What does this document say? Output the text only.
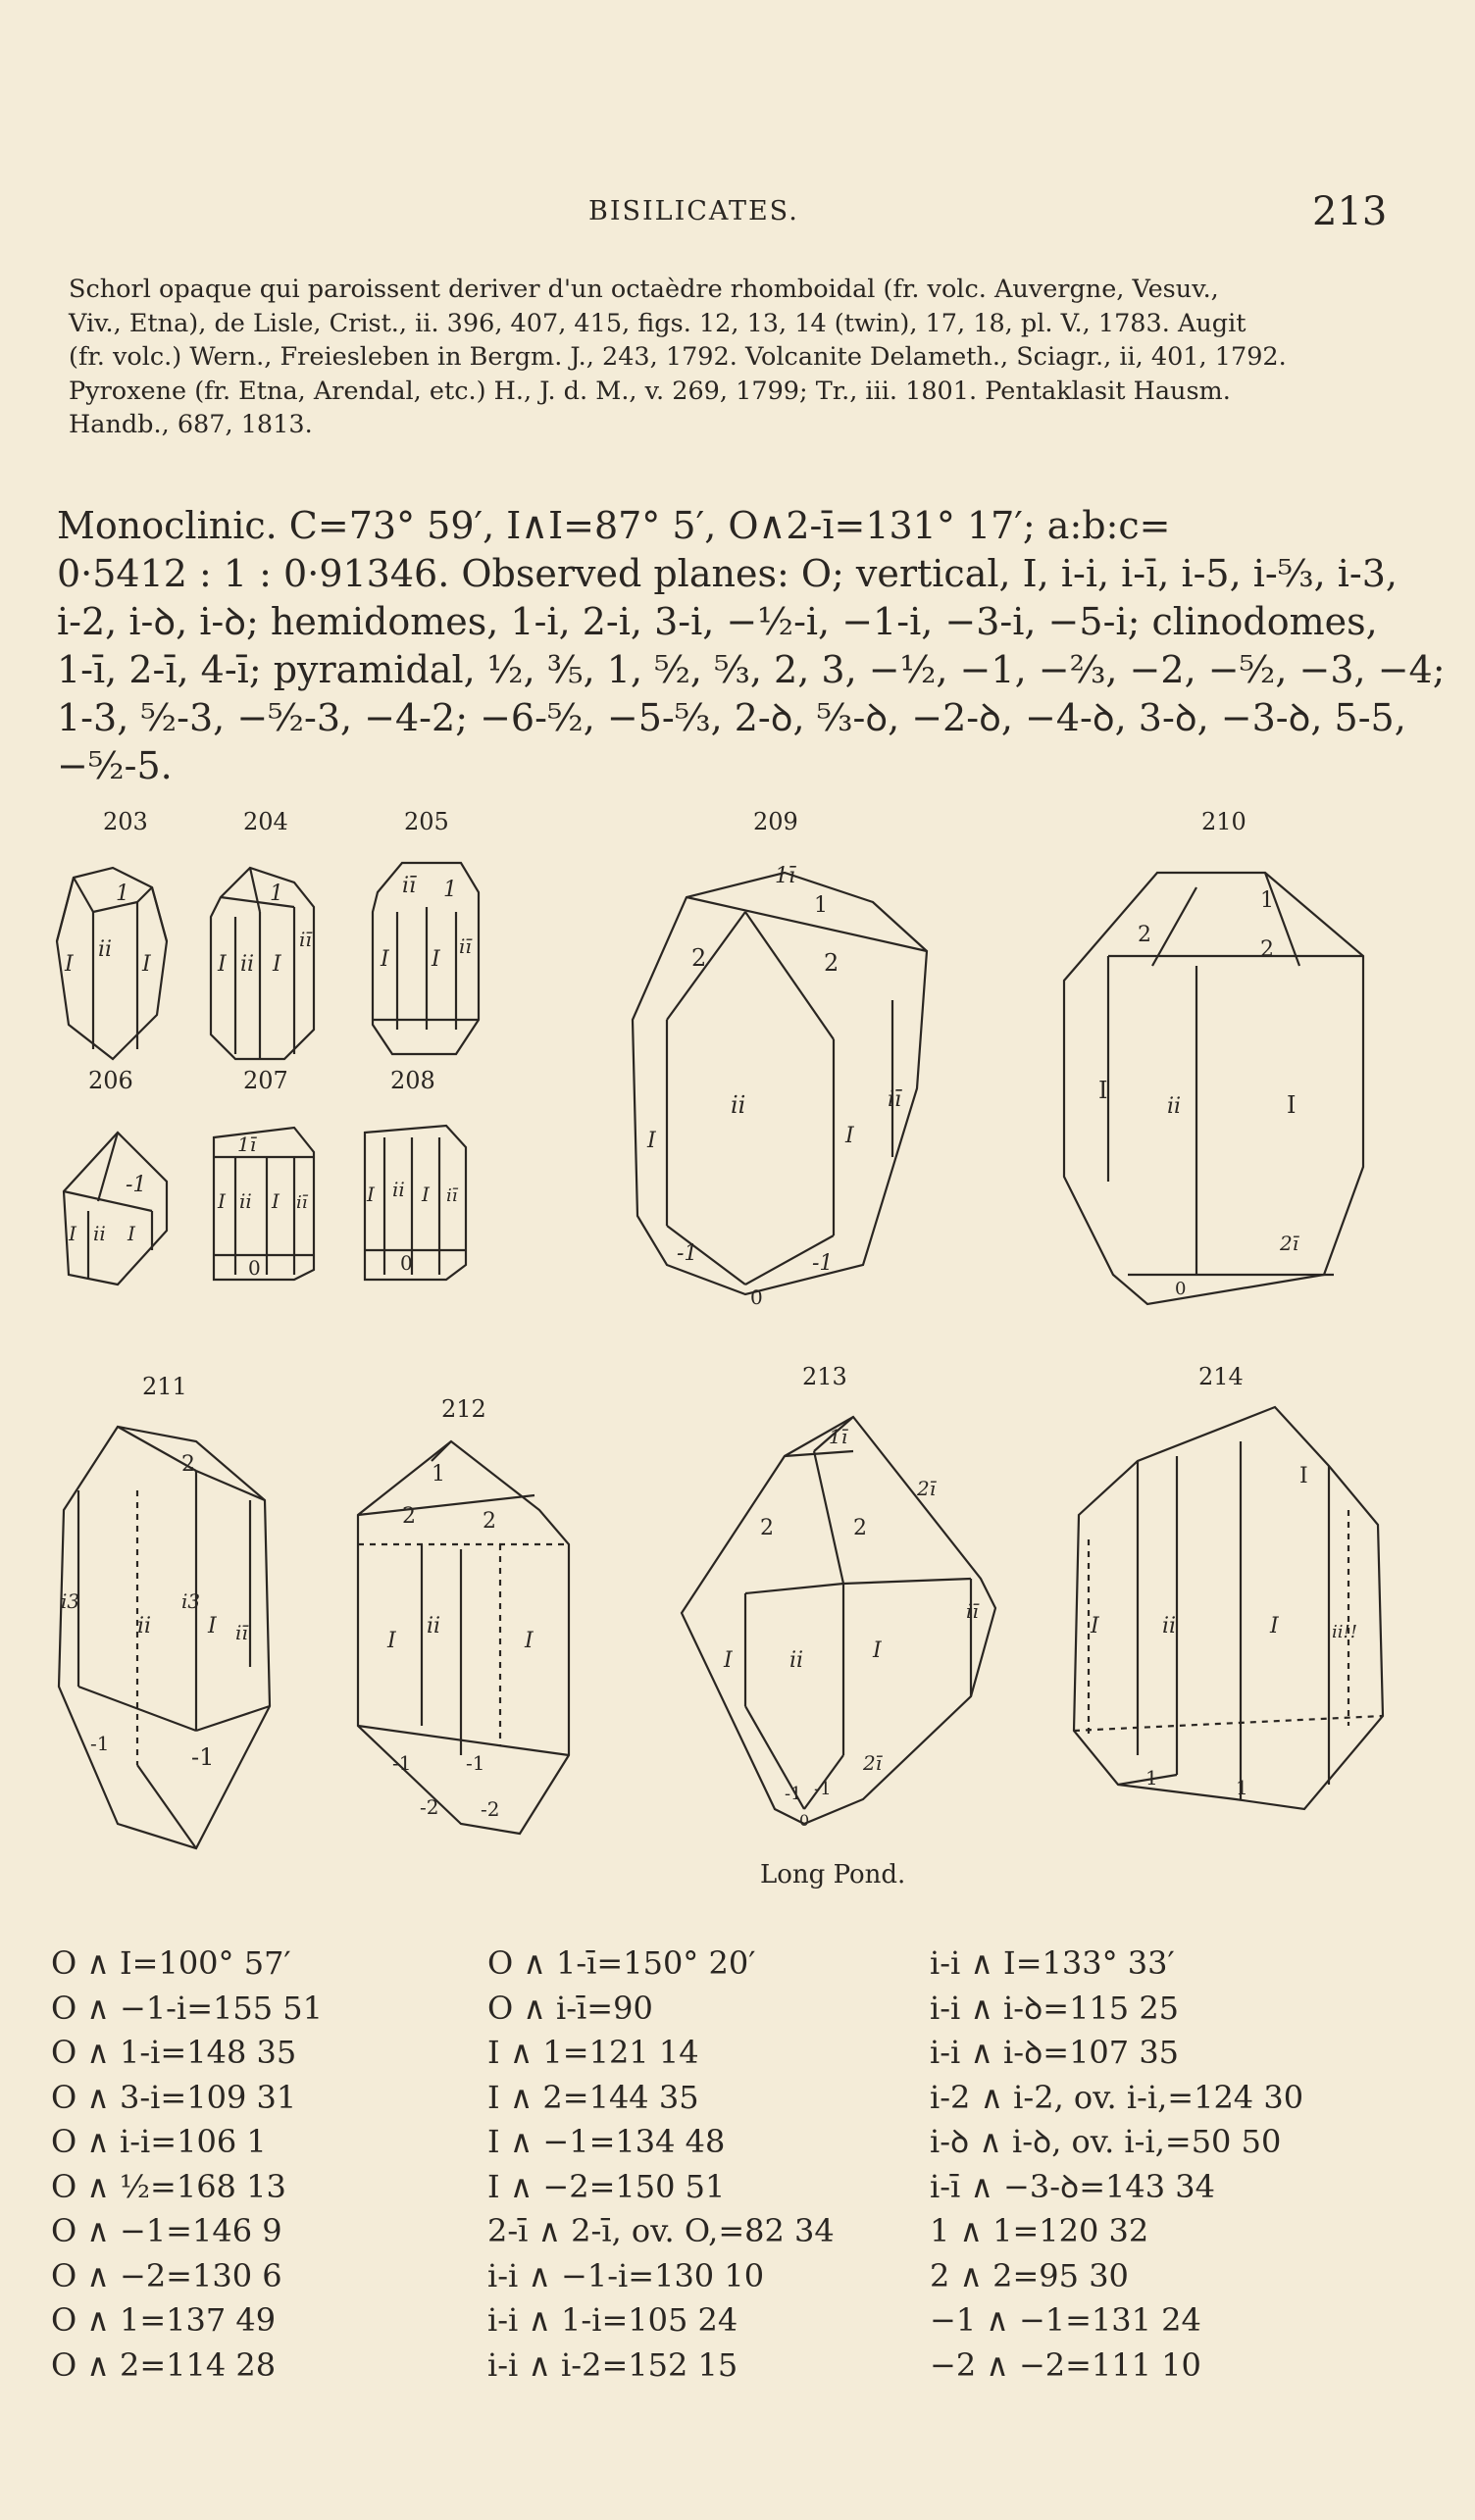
BISILICATES.	213
Schorl opaque qui paroissent deriver d'un octaèdre rhomboidal (fr. volc. Auvergne, Vesuv.,
Viv., Etna), de Lisle, Crist., ii. 396, 407, 415, figs. 12, 13, 14 (twin), 17, 18, pl. V., 1783. Augit
(fr. volc.) Wern., Freiesleben in Bergm. J., 243, 1792. Volcanite Delameth., Sciagr., ii, 401, 1792.
Pyroxene (fr. Etna, Arendal, etc.) H., J. d. M., v. 269, 1799; Tr., iii. 1801. Pentaklasit Hausm.
Handb., 687, 1813.
Monoclinic. C=73° 59′, I∧I=87° 5′, O∧2-ī=131° 17′; a:b:c=
0·5412 : 1 : 0·91346. Observed planes: O; vertical, I, i-i, i-ī, i-5, i-⁵⁄₃, i-3,
i-2, i-ꝺ, i-ꝺ; hemidomes, 1-i, 2-i, 3-i, −½-i, −1-i, −3-i, −5-i; clinodomes,
1-ī, 2-ī, 4-ī; pyramidal, ½, ⅗, 1, ⁵⁄₂, ⁵⁄₃, 2, 3, −½, −1, −⅔, −2, −⁵⁄₂, −3, −4;
1-3, ⁵⁄₂-3, −⁵⁄₂-3, −4-2; −6-⁵⁄₂, −5-⁵⁄₃, 2-ꝺ, ⁵⁄₃-ꝺ, −2-ꝺ, −4-ꝺ, 3-ꝺ, −3-ꝺ, 5-5,
−⁵⁄₂-5.
203
1
ii
I
I
204
1
I ii I
iī
205
iī 1
I I
iī
206
-1
I ii I
207
1ī
I ii I iī
0
208
I ii I iī
0
209
1ī
1
2	2
ii	iī
I	I
-1	-1
0
210
1
2
2
I
ii	I
2ī
0
211
2
i3	i3
ii	I iī
-1	-1
212
1
2	2
I
ii
I
-1	-1
-2 -2
213
1ī
2ī
2	2
iī
I	ii	I
-1 -1
2ī
0
Long Pond.
214
I
I	ii	I	ii!!
1	1
O ∧ I=100° 57′
O ∧ −1-i=155 51
O ∧ 1-i=148 35
O ∧ 3-i=109 31
O ∧ i-i=106 1
O ∧ ½=168 13
O ∧ −1=146 9
O ∧ −2=130 6
O ∧ 1=137 49
O ∧ 2=114 28
O ∧ 1-ī=150° 20′
O ∧ i-ī=90
I ∧ 1=121 14
I ∧ 2=144 35
I ∧ −1=134 48
I ∧ −2=150 51
2-ī ∧ 2-ī, ov. O,=82 34
i-i ∧ −1-i=130 10
i-i ∧ 1-i=105 24
i-i ∧ i-2=152 15
i-i ∧ I=133° 33′
i-i ∧ i-ꝺ=115 25
i-i ∧ i-ꝺ=107 35
i-2 ∧ i-2, ov. i-i,=124 30
i-ꝺ ∧ i-ꝺ, ov. i-i,=50 50
i-ī ∧ −3-ꝺ=143 34
1 ∧ 1=120 32
2 ∧ 2=95 30
−1 ∧ −1=131 24
−2 ∧ −2=111 10
